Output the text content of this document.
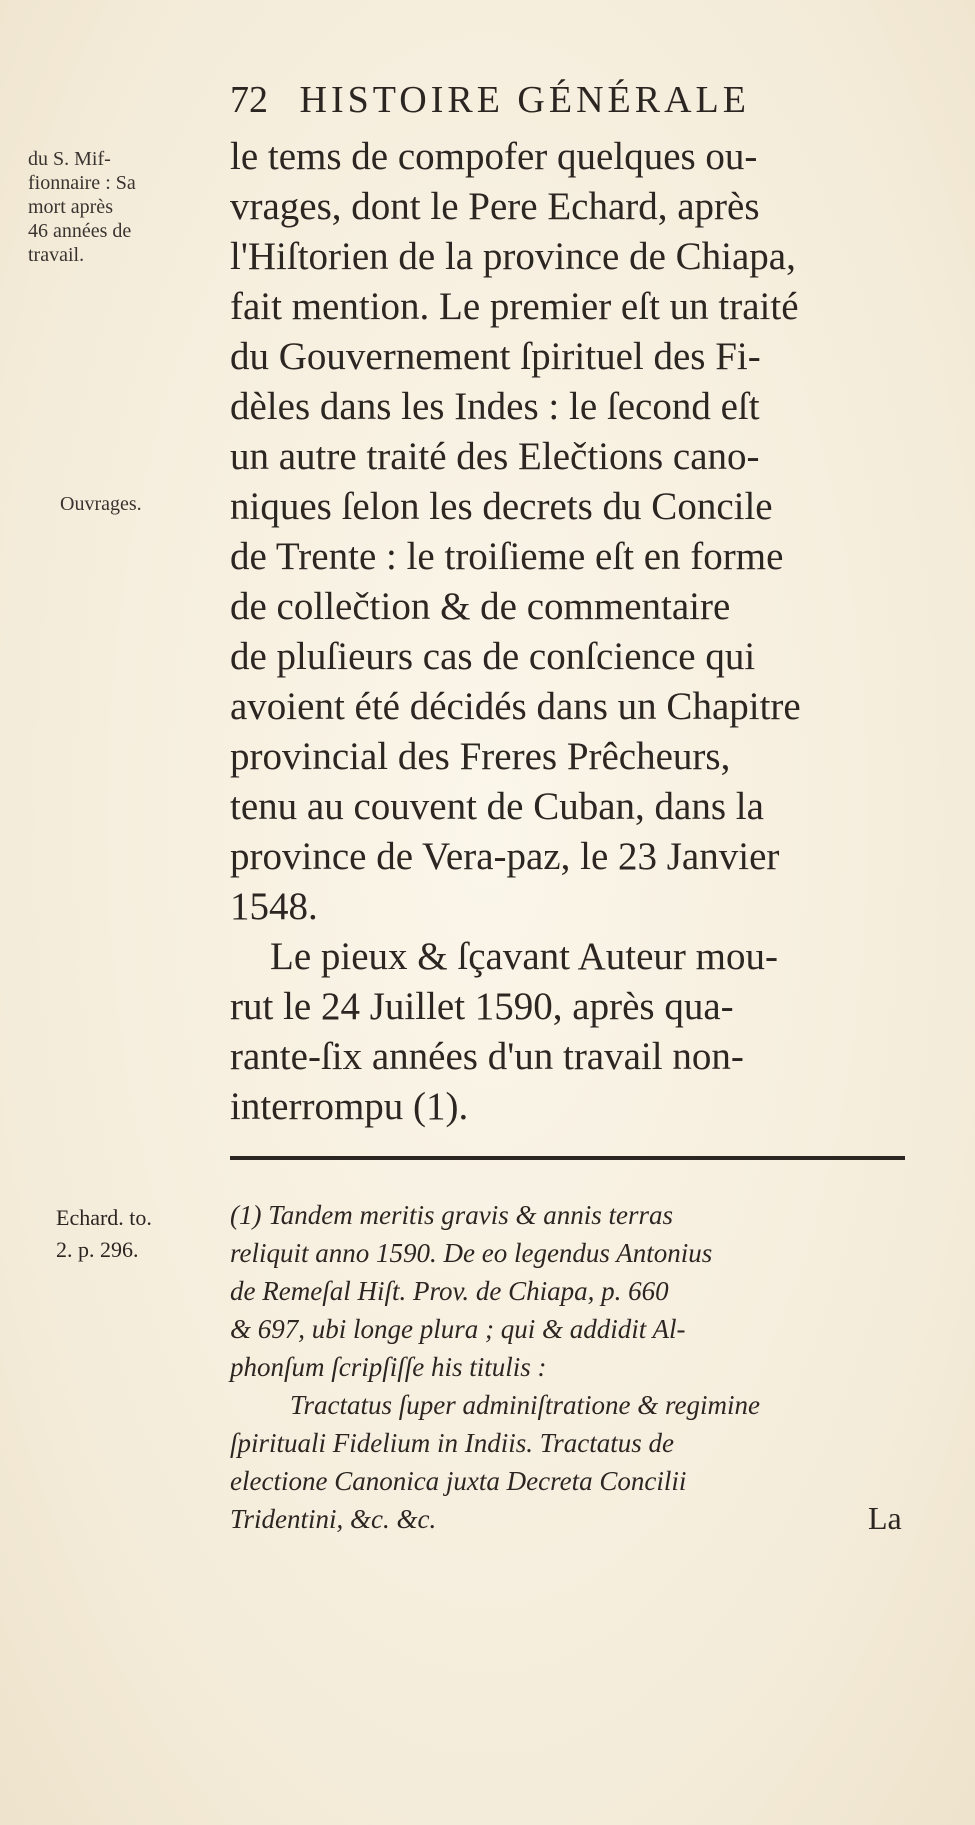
72 HISTOIRE GÉNÉRALE
du S. Mif-
fionnaire : Sa
mort après
46 années de
travail.
Ouvrages.
le tems de compofer quelques ou-
vrages, dont le Pere Echard, après
l'Hiſtorien de la province de Chiapa,
fait mention. Le premier eſt un traité
du Gouvernement ſpirituel des Fi-
dèles dans les Indes : le ſecond eſt
un autre traité des Elečtions cano-
niques ſelon les decrets du Concile
de Trente : le troiſieme eſt en forme
de collečtion & de commentaire
de pluſieurs cas de conſcience qui
avoient été décidés dans un Chapitre
provincial des Freres Prêcheurs,
tenu au couvent de Cuban, dans la
province de Vera-paz, le 23 Janvier
1548.
Le pieux & ſçavant Auteur mou-
rut le 24 Juillet 1590, après qua-
rante-ſix années d'un travail non-
interrompu (1).
Echard. to.
2. p. 296.
(1) Tandem meritis gravis & annis terras
reliquit anno 1590. De eo legendus Antonius
de Remeſal Hiſt. Prov. de Chiapa, p. 660
& 697, ubi longe plura ; qui & addidit Al-
phonſum ſcripſiſſe his titulis :
Tractatus ſuper adminiſtratione & regimine
ſpirituali Fidelium in Indiis. Tractatus de
electione Canonica juxta Decreta Concilii
Tridentini, &c. &c.	La
